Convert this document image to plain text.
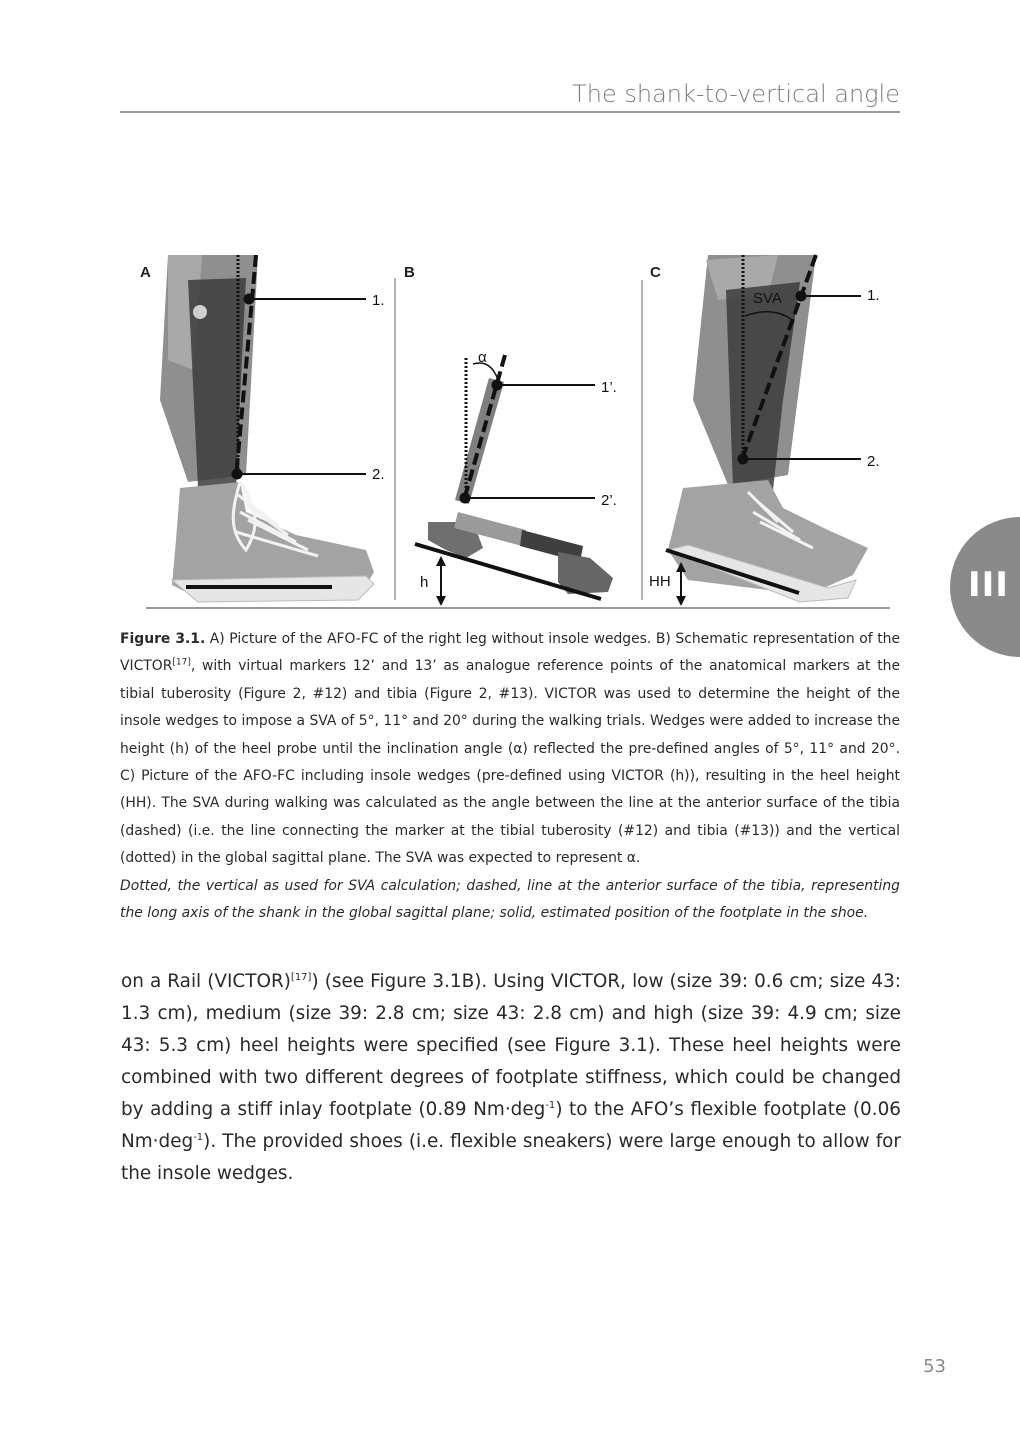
The shank-to-vertical angle
1.
2.
A	B
α
1’.
2’.
h
C
SVA	1.
2.
HH
Figure 3.1. A) Picture of the AFO-FC of the right leg without insole wedges. B) Schematic representation of the VICTOR[17], with virtual markers 12’ and 13’ as analogue reference points of the anatomical markers at the tibial tuberosity (Figure 2, #12) and tibia (Figure 2, #13). VICTOR was used to determine the height of the insole wedges to impose a SVA of 5°, 11° and 20° during the walking trials. Wedges were added to increase the height (h) of the heel probe until the inclination angle (α) reflected the pre-defined angles of 5°, 11° and 20°. C) Picture of the AFO-FC including insole wedges (pre-defined using VICTOR (h)), resulting in the heel height (HH). The SVA during walking was calculated as the angle between the line at the anterior surface of the tibia (dashed) (i.e. the line connecting the marker at the tibial tuberosity (#12) and tibia (#13)) and the vertical (dotted) in the global sagittal plane. The SVA was expected to represent α.
Dotted, the vertical as used for SVA calculation; dashed, line at the anterior surface of the tibia, representing the long axis of the shank in the global sagittal plane; solid, estimated position of the footplate in the shoe.
on a Rail (VICTOR)[17]) (see Figure 3.1B). Using VICTOR, low (size 39: 0.6 cm; size 43: 1.3 cm), medium (size 39: 2.8 cm; size 43: 2.8 cm) and high (size 39: 4.9 cm; size 43: 5.3 cm) heel heights were specified (see Figure 3.1). These heel heights were combined with two different degrees of footplate stiffness, which could be changed by adding a stiff inlay footplate (0.89 Nm·deg$^{-1}$) to the AFO’s flexible footplate (0.06 Nm·deg$^{-1}$). The provided shoes (i.e. flexible sneakers) were large enough to allow for the insole wedges.
III
53
